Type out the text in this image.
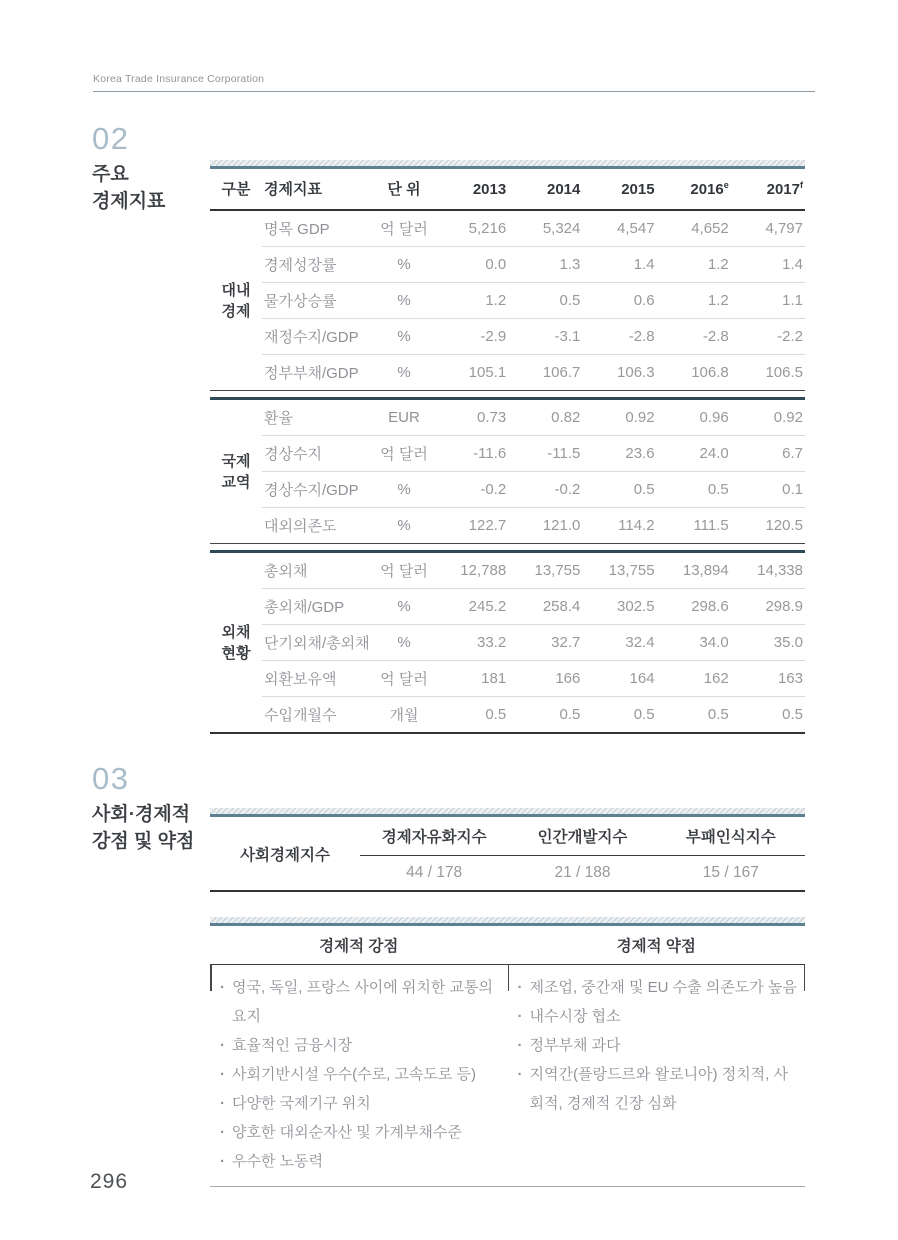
Korea Trade Insurance Corporation
02
주요
경제지표
구분	경제지표	단 위	2013	2014	2015	2016e	2017$^f$

대내
경제	명목 GDP	억 달러	5,216	5,324	4,547	4,652	4,797
	경제성장률	%	0.0	1.3	1.4	1.2	1.4
	물가상승률	%	1.2	0.5	0.6	1.2	1.1
	재정수지/GDP	%	-2.9	-3.1	-2.8	-2.8	-2.2
	정부부채/GDP	%	105.1	106.7	106.3	106.8	106.5

국제
교역	환율	EUR	0.73	0.82	0.92	0.96	0.92
	경상수지	억 달러	-11.6	-11.5	23.6	24.0	6.7
	경상수지/GDP	%	-0.2	-0.2	0.5	0.5	0.1
	대외의존도	%	122.7	121.0	114.2	111.5	120.5

외채
현황	총외채	억 달러	12,788	13,755	13,755	13,894	14,338
	총외채/GDP	%	245.2	258.4	302.5	298.6	298.9
	단기외채/총외채	%	33.2	32.7	32.4	34.0	35.0
	외환보유액	억 달러	181	166	164	162	163
	수입개월수	개월	0.5	0.5	0.5	0.5	0.5
03
사회·경제적
강점 및 약점
사회경제지수	경제자유화지수	인간개발지수	부패인식지수
	44 / 178	21 / 188	15 / 167
경제적 강점	경제적 약점
· 영국, 독일, 프랑스 사이에 위치한 교통의 요지
· 효율적인 금융시장
· 사회기반시설 우수(수로, 고속도로 등)
· 다양한 국제기구 위치
· 양호한 대외순자산 및 가계부채수준
· 우수한 노동력
· 제조업, 중간재 및 EU 수출 의존도가 높음
· 내수시장 협소
· 정부부채 과다
· 지역간(플랑드르와 왈로니아) 정치적, 사회적, 경제적 긴장 심화
296
